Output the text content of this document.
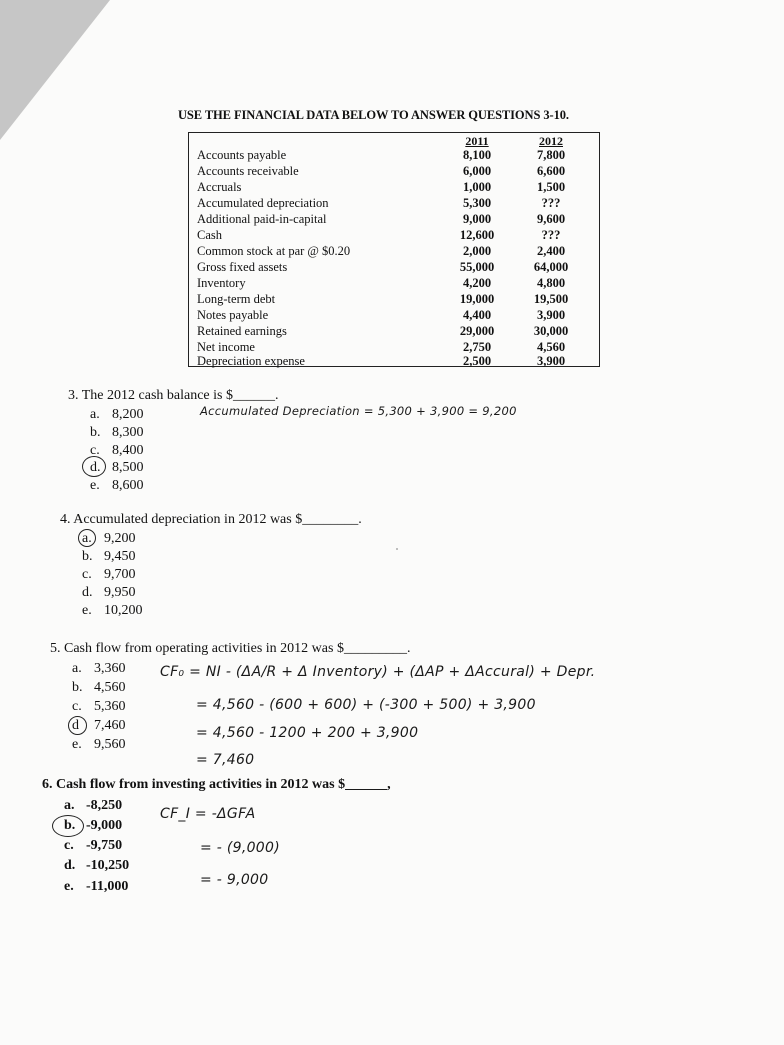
USE THE FINANCIAL DATA BELOW TO ANSWER QUESTIONS 3-10.
2011	2012
Accounts payable	8,100	7,800
Accounts receivable	6,000	6,600
Accruals	1,000	1,500
Accumulated depreciation	5,300	???
Additional paid-in-capital	9,000	9,600
Cash	12,600	???
Common stock at par @ $0.20	2,000	2,400
Gross fixed assets	55,000	64,000
Inventory	4,200	4,800
Long-term debt	19,000	19,500
Notes payable	4,400	3,900
Retained earnings	29,000	30,000
Net income	2,750	4,560
Depreciation expense	2,500	3,900
3. The 2012 cash balance is $______.
a. 8,200
b. 8,300
c. 8,400
d. 8,500
e. 8,600
Accumulated Depreciation = 5,300 + 3,900 = 9,200
4. Accumulated depreciation in 2012 was $________.
a. 9,200
b. 9,450
c. 9,700
d. 9,950
e. 10,200
5. Cash flow from operating activities in 2012 was $_________.
a. 3,360
b. 4,560
c. 5,360
d 7,460
e. 9,560
CF₀ = NI - (ΔA/R + Δ Inventory) + (ΔAP + ΔAccural) + Depr.
= 4,560 - (600 + 600) + (-300 + 500) + 3,900
= 4,560 - 1200 + 200 + 3,900
= 7,460
6. Cash flow from investing activities in 2012 was $______,
a. -8,250
b. -9,000
c. -9,750
d. -10,250
e. -11,000
CF_I = -ΔGFA
= - (9,000)
= - 9,000
